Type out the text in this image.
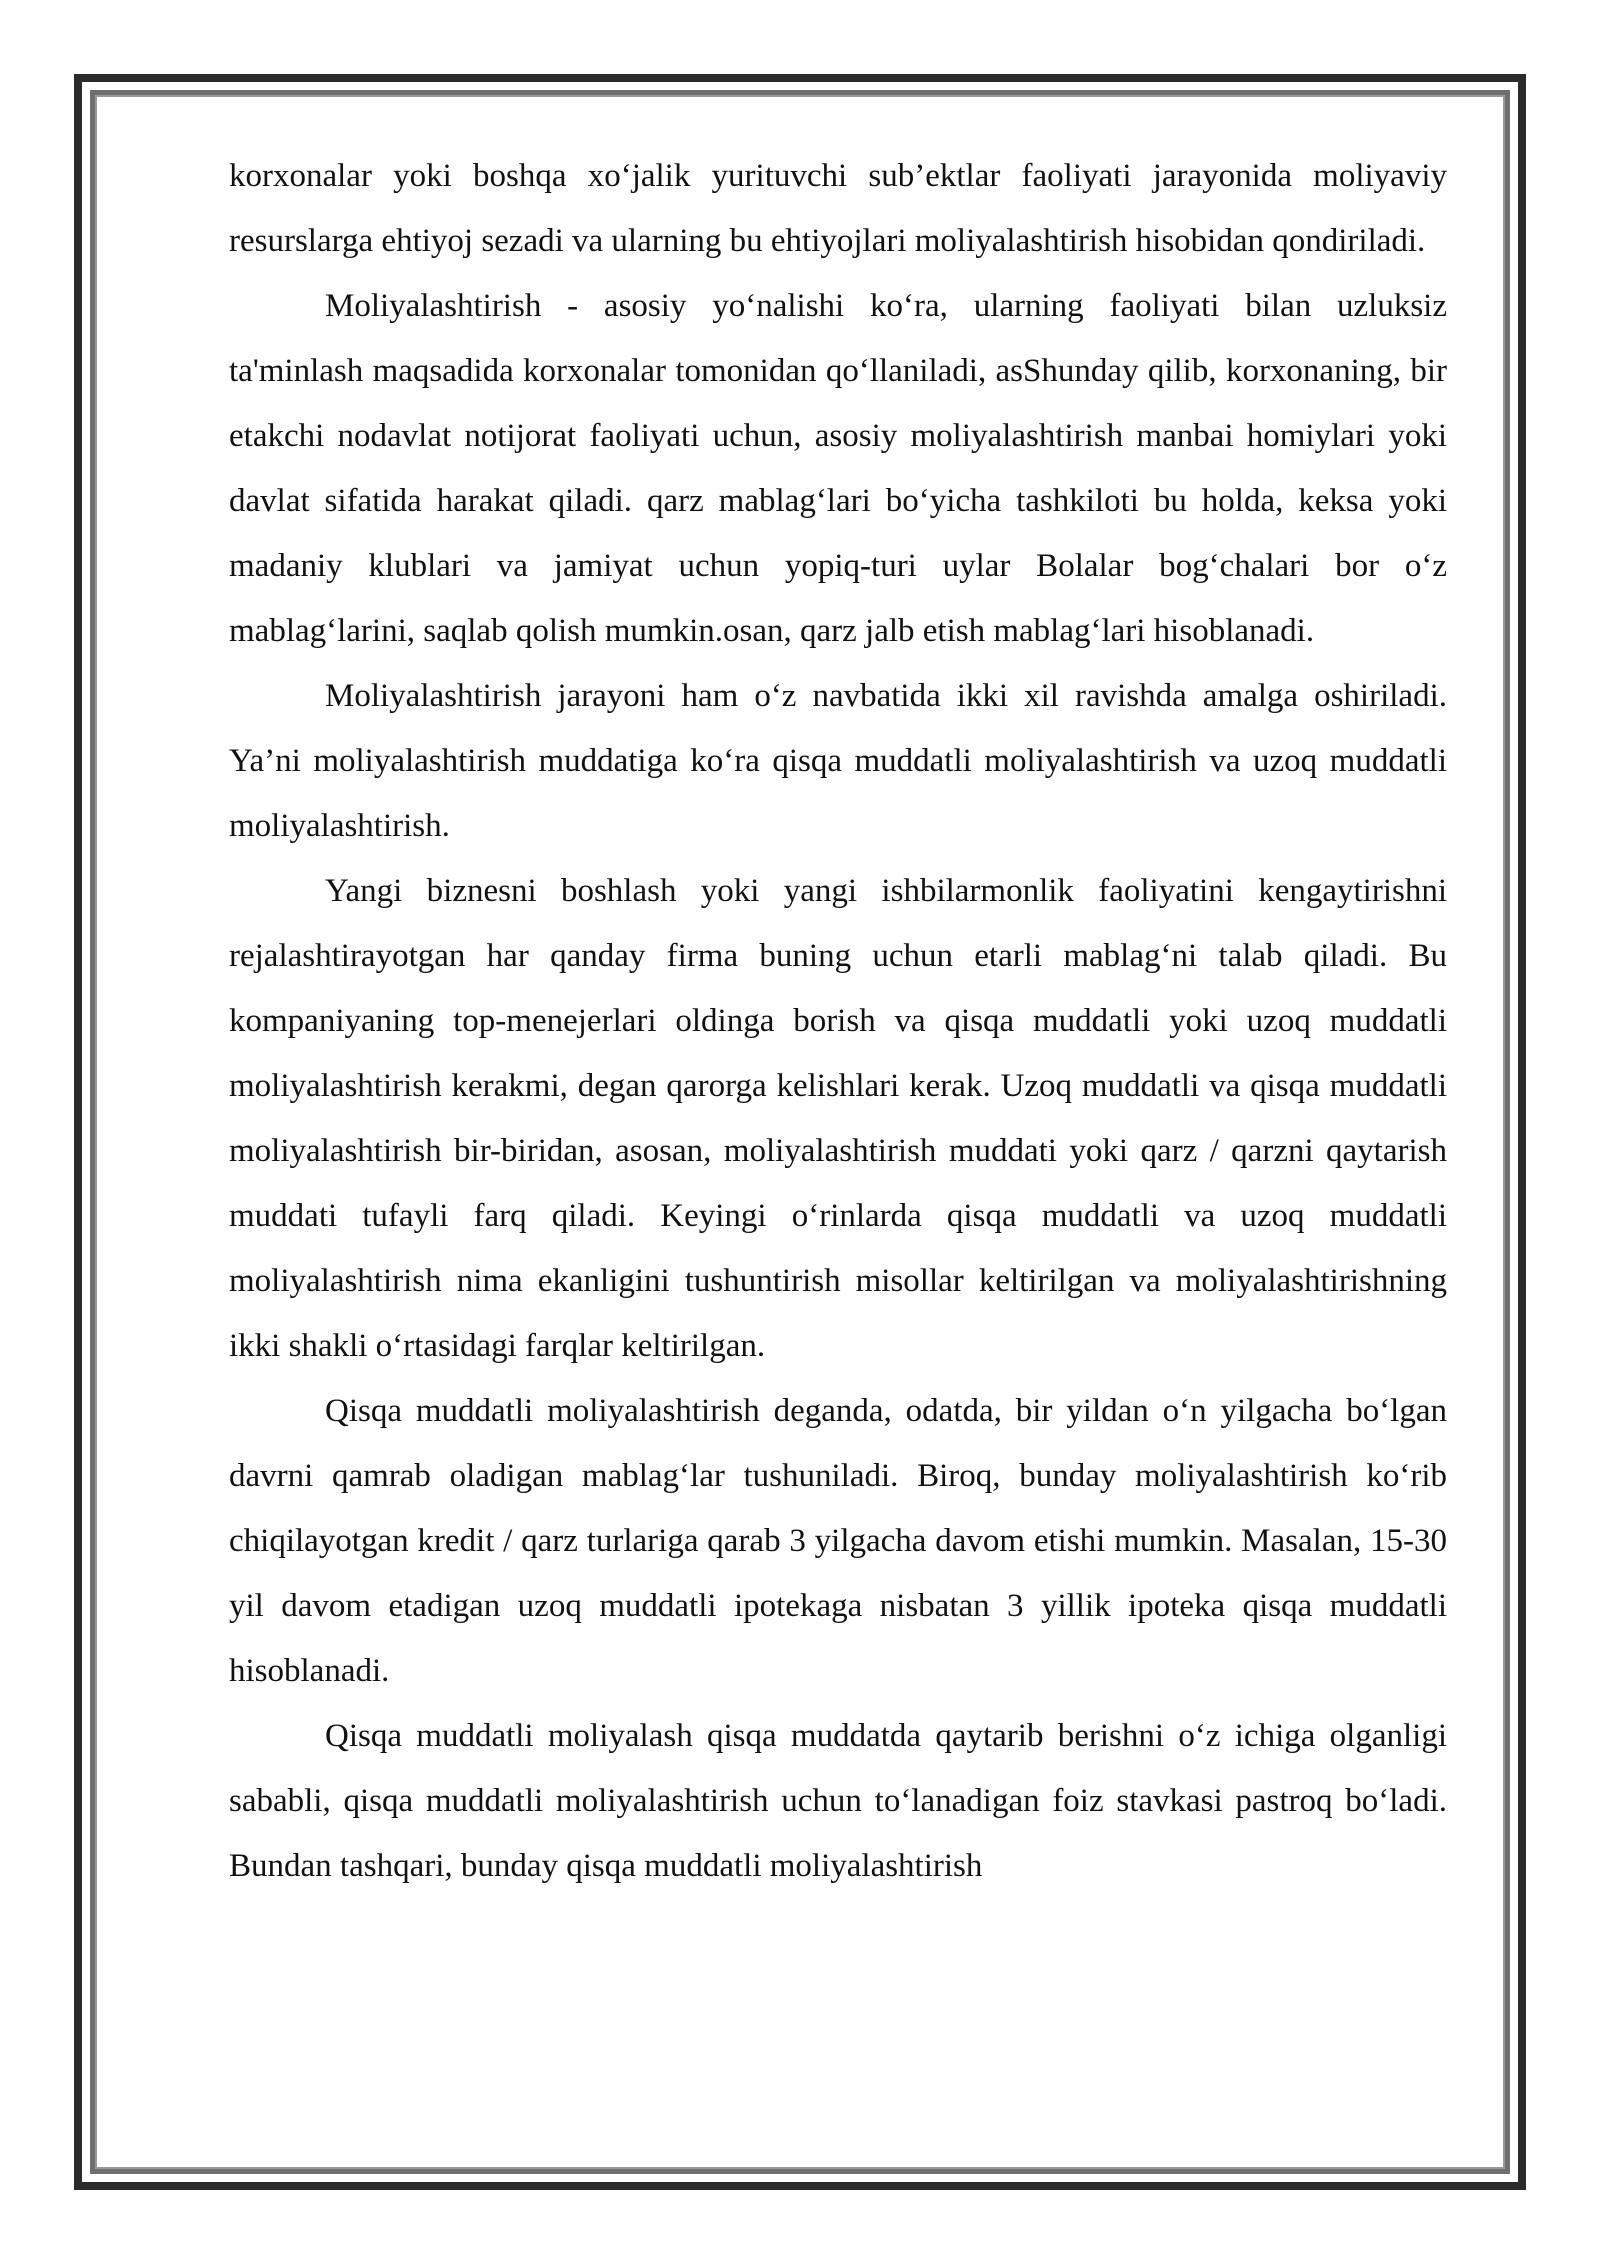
korxonalar yoki boshqa xo‘jalik yurituvchi sub’ektlar faoliyati jarayonida moliyaviy resurslarga ehtiyoj sezadi va ularning bu ehtiyojlari moliyalashtirish hisobidan qondiriladi.

Moliyalashtirish - asosiy yo‘nalishi ko‘ra, ularning faoliyati bilan uzluksiz ta'minlash maqsadida korxonalar tomonidan qo‘llaniladi, asShunday qilib, korxonaning, bir etakchi nodavlat notijorat faoliyati uchun, asosiy moliyalashtirish manbai homiylari yoki davlat sifatida harakat qiladi. qarz mablag‘lari bo‘yicha tashkiloti bu holda, keksa yoki madaniy klublari va jamiyat uchun yopiq-turi uylar Bolalar bog‘chalari bor o‘z mablag‘larini, saqlab qolish mumkin.osan, qarz jalb etish mablag‘lari hisoblanadi.

Moliyalashtirish jarayoni ham o‘z navbatida ikki xil ravishda amalga oshiriladi. Ya’ni moliyalashtirish muddatiga ko‘ra qisqa muddatli moliyalashtirish va uzoq muddatli moliyalashtirish.

Yangi biznesni boshlash yoki yangi ishbilarmonlik faoliyatini kengaytirishni rejalashtirayotgan har qanday firma buning uchun etarli mablag‘ni talab qiladi. Bu kompaniyaning top-menejerlari oldinga borish va qisqa muddatli yoki uzoq muddatli moliyalashtirish kerakmi, degan qarorga kelishlari kerak. Uzoq muddatli va qisqa muddatli moliyalashtirish bir-biridan, asosan, moliyalashtirish muddati yoki qarz / qarzni qaytarish muddati tufayli farq qiladi. Keyingi o‘rinlarda qisqa muddatli va uzoq muddatli moliyalashtirish nima ekanligini tushuntirish misollar keltirilgan va moliyalashtirishning ikki shakli o‘rtasidagi farqlar keltirilgan.

Qisqa muddatli moliyalashtirish deganda, odatda, bir yildan o‘n yilgacha bo‘lgan davrni qamrab oladigan mablag‘lar tushuniladi. Biroq, bunday moliyalashtirish ko‘rib chiqilayotgan kredit / qarz turlariga qarab 3 yilgacha davom etishi mumkin. Masalan, 15-30 yil davom etadigan uzoq muddatli ipotekaga nisbatan 3 yillik ipoteka qisqa muddatli hisoblanadi.

Qisqa muddatli moliyalash qisqa muddatda qaytarib berishni o‘z ichiga olganligi sababli, qisqa muddatli moliyalashtirish uchun to‘lanadigan foiz stavkasi pastroq bo‘ladi. Bundan tashqari, bunday qisqa muddatli moliyalashtirish
